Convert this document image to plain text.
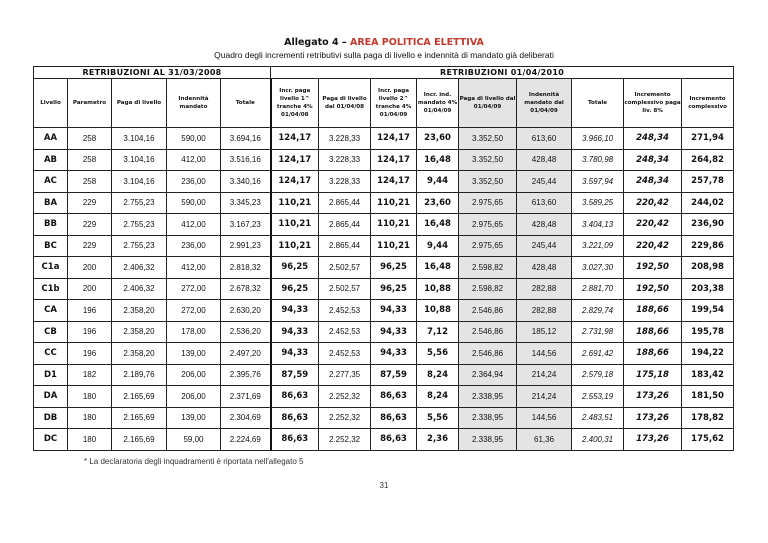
Allegato 4 – AREA POLITICA ELETTIVA
Quadro degli incrementi retributivi sulla paga di livello e indennità di mandato già deliberati
RETRIBUZIONI AL 31/03/2008					RETRIBUZIONI 01/04/2010								
Livello	Parametro	Paga di livello	Indennità mandato	Totale	Incr. paga livello 1^ tranche 4% 01/04/08	Paga di livello dal 01/04/08	Incr. paga livello 2^ tranche 4% 01/04/09	Incr. ind. mandato 4% 01/04/09	Paga di livello dal 01/04/09	Indennità mandato dal 01/04/09	Totale	Incremento complessivo paga liv. 8%	Incremento complessivo
AA	258	3.104,16	590,00	3.694,16	124,17	3.228,33	124,17	23,60	3.352,50	613,60	3.966,10	248,34	271,94
AB	258	3.104,16	412,00	3.516,16	124,17	3.228,33	124,17	16,48	3.352,50	428,48	3.780,98	248,34	264,82
AC	258	3.104,16	236,00	3.340,16	124,17	3.228,33	124,17	9,44	3.352,50	245,44	3.597,94	248,34	257,78
BA	229	2.755,23	590,00	3.345,23	110,21	2.865,44	110,21	23,60	2.975,65	613,60	3.589,25	220,42	244,02
BB	229	2.755,23	412,00	3.167,23	110,21	2.865,44	110,21	16,48	2.975,65	428,48	3.404,13	220,42	236,90
BC	229	2.755,23	236,00	2.991,23	110,21	2.865,44	110,21	9,44	2.975,65	245,44	3.221,09	220,42	229,86
C1a	200	2.406,32	412,00	2.818,32	96,25	2.502,57	96,25	16,48	2.598,82	428,48	3.027,30	192,50	208,98
C1b	200	2.406,32	272,00	2.678,32	96,25	2.502,57	96,25	10,88	2.598,82	282,88	2.881,70	192,50	203,38
CA	196	2.358,20	272,00	2.630,20	94,33	2.452,53	94,33	10,88	2.546,86	282,88	2.829,74	188,66	199,54
CB	196	2.358,20	178,00	2.536,20	94,33	2.452,53	94,33	7,12	2.546,86	185,12	2.731,98	188,66	195,78
CC	196	2.358,20	139,00	2.497,20	94,33	2.452,53	94,33	5,56	2.546,86	144,56	2.691,42	188,66	194,22
D1	182	2.189,76	206,00	2.395,76	87,59	2.277,35	87,59	8,24	2.364,94	214,24	2.579,18	175,18	183,42
DA	180	2.165,69	206,00	2.371,69	86,63	2.252,32	86,63	8,24	2.338,95	214,24	2.553,19	173,26	181,50
DB	180	2.165,69	139,00	2.304,69	86,63	2.252,32	86,63	5,56	2.338,95	144,56	2.483,51	173,26	178,82
DC	180	2.165,69	59,00	2.224,69	86,63	2.252,32	86,63	2,36	2.338,95	61,36	2.400,31	173,26	175,62
* La declaratoria degli inquadramenti è riportata nell'allegato 5
31
